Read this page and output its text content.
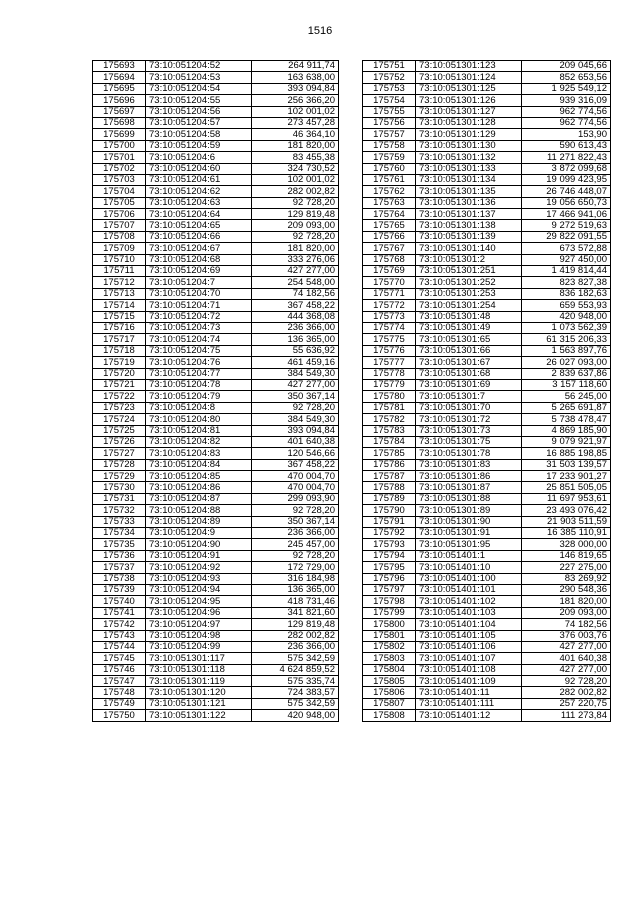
1516
175693	73:10:051204:52	264 911,74
175694	73:10:051204:53	163 638,00
175695	73:10:051204:54	393 094,84
175696	73:10:051204:55	256 366,20
175697	73:10:051204:56	102 001,02
175698	73:10:051204:57	273 457,28
175699	73:10:051204:58	46 364,10
175700	73:10:051204:59	181 820,00
175701	73:10:051204:6	83 455,38
175702	73:10:051204:60	324 730,52
175703	73:10:051204:61	102 001,02
175704	73:10:051204:62	282 002,82
175705	73:10:051204:63	92 728,20
175706	73:10:051204:64	129 819,48
175707	73:10:051204:65	209 093,00
175708	73:10:051204:66	92 728,20
175709	73:10:051204:67	181 820,00
175710	73:10:051204:68	333 276,06
175711	73:10:051204:69	427 277,00
175712	73:10:051204:7	254 548,00
175713	73:10:051204:70	74 182,56
175714	73:10:051204:71	367 458,22
175715	73:10:051204:72	444 368,08
175716	73:10:051204:73	236 366,00
175717	73:10:051204:74	136 365,00
175718	73:10:051204:75	55 636,92
175719	73:10:051204:76	461 459,16
175720	73:10:051204:77	384 549,30
175721	73:10:051204:78	427 277,00
175722	73:10:051204:79	350 367,14
175723	73:10:051204:8	92 728,20
175724	73:10:051204:80	384 549,30
175725	73:10:051204:81	393 094,84
175726	73:10:051204:82	401 640,38
175727	73:10:051204:83	120 546,66
175728	73:10:051204:84	367 458,22
175729	73:10:051204:85	470 004,70
175730	73:10:051204:86	470 004,70
175731	73:10:051204:87	299 093,90
175732	73:10:051204:88	92 728,20
175733	73:10:051204:89	350 367,14
175734	73:10:051204:9	236 366,00
175735	73:10:051204:90	245 457,00
175736	73:10:051204:91	92 728,20
175737	73:10:051204:92	172 729,00
175738	73:10:051204:93	316 184,98
175739	73:10:051204:94	136 365,00
175740	73:10:051204:95	418 731,46
175741	73:10:051204:96	341 821,60
175742	73:10:051204:97	129 819,48
175743	73:10:051204:98	282 002,82
175744	73:10:051204:99	236 366,00
175745	73:10:051301:117	575 342,59
175746	73:10:051301:118	4 624 859,52
175747	73:10:051301:119	575 335,74
175748	73:10:051301:120	724 383,57
175749	73:10:051301:121	575 342,59
175750	73:10:051301:122	420 948,00
175751	73:10:051301:123	209 045,66
175752	73:10:051301:124	852 653,56
175753	73:10:051301:125	1 925 549,12
175754	73:10:051301:126	939 316,09
175755	73:10:051301:127	962 774,56
175756	73:10:051301:128	962 774,56
175757	73:10:051301:129	153,90
175758	73:10:051301:130	590 613,43
175759	73:10:051301:132	11 271 822,43
175760	73:10:051301:133	3 872 099,68
175761	73:10:051301:134	19 099 423,95
175762	73:10:051301:135	26 746 448,07
175763	73:10:051301:136	19 056 650,73
175764	73:10:051301:137	17 466 941,06
175765	73:10:051301:138	9 272 519,63
175766	73:10:051301:139	29 822 091,55
175767	73:10:051301:140	673 572,88
175768	73:10:051301:2	927 450,00
175769	73:10:051301:251	1 419 814,44
175770	73:10:051301:252	823 827,38
175771	73:10:051301:253	836 182,63
175772	73:10:051301:254	659 553,93
175773	73:10:051301:48	420 948,00
175774	73:10:051301:49	1 073 562,39
175775	73:10:051301:65	61 315 206,33
175776	73:10:051301:66	1 563 897,76
175777	73:10:051301:67	26 027 093,00
175778	73:10:051301:68	2 839 637,86
175779	73:10:051301:69	3 157 118,60
175780	73:10:051301:7	56 245,00
175781	73:10:051301:70	5 265 691,87
175782	73:10:051301:72	5 738 478,47
175783	73:10:051301:73	4 869 185,90
175784	73:10:051301:75	9 079 921,97
175785	73:10:051301:78	16 885 198,85
175786	73:10:051301:83	31 503 139,57
175787	73:10:051301:86	17 233 901,27
175788	73:10:051301:87	25 851 505,05
175789	73:10:051301:88	11 697 953,61
175790	73:10:051301:89	23 493 076,42
175791	73:10:051301:90	21 903 511,59
175792	73:10:051301:91	16 385 110,91
175793	73:10:051301:95	328 000,00
175794	73:10:051401:1	146 819,65
175795	73:10:051401:10	227 275,00
175796	73:10:051401:100	83 269,92
175797	73:10:051401:101	290 548,36
175798	73:10:051401:102	181 820,00
175799	73:10:051401:103	209 093,00
175800	73:10:051401:104	74 182,56
175801	73:10:051401:105	376 003,76
175802	73:10:051401:106	427 277,00
175803	73:10:051401:107	401 640,38
175804	73:10:051401:108	427 277,00
175805	73:10:051401:109	92 728,20
175806	73:10:051401:11	282 002,82
175807	73:10:051401:111	257 220,75
175808	73:10:051401:12	111 273,84
